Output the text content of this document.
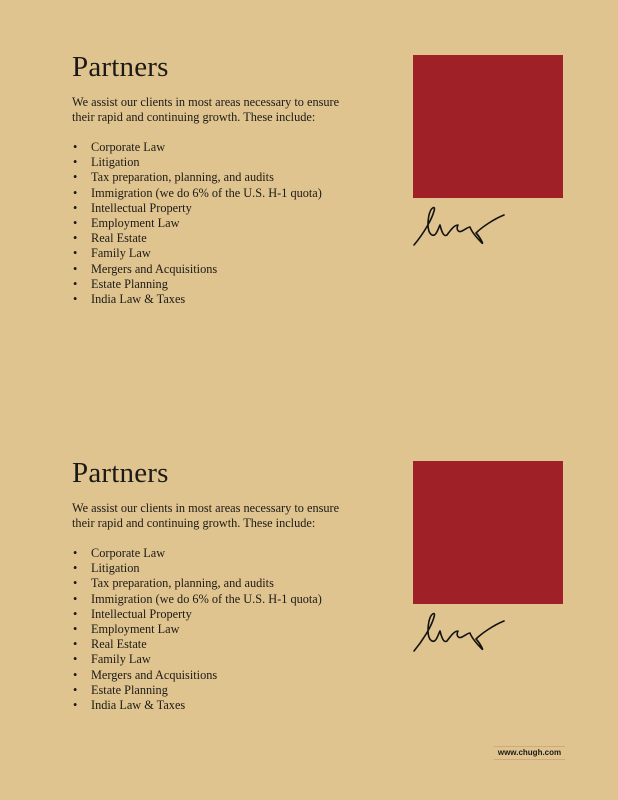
Partners

We assist our clients in most areas necessary to ensure their rapid and continuing growth. These include:

• Corporate Law
• Litigation
• Tax preparation, planning, and audits
• Immigration (we do 6% of the U.S. H-1 quota)
• Intellectual Property
• Employment Law
• Real Estate
• Family Law
• Mergers and Acquisitions
• Estate Planning
• India Law & Taxes
Partners

We assist our clients in most areas necessary to ensure their rapid and continuing growth. These include:

• Corporate Law
• Litigation
• Tax preparation, planning, and audits
• Immigration (we do 6% of the U.S. H-1 quota)
• Intellectual Property
• Employment Law
• Real Estate
• Family Law
• Mergers and Acquisitions
• Estate Planning
• India Law & Taxes
www.chugh.com
